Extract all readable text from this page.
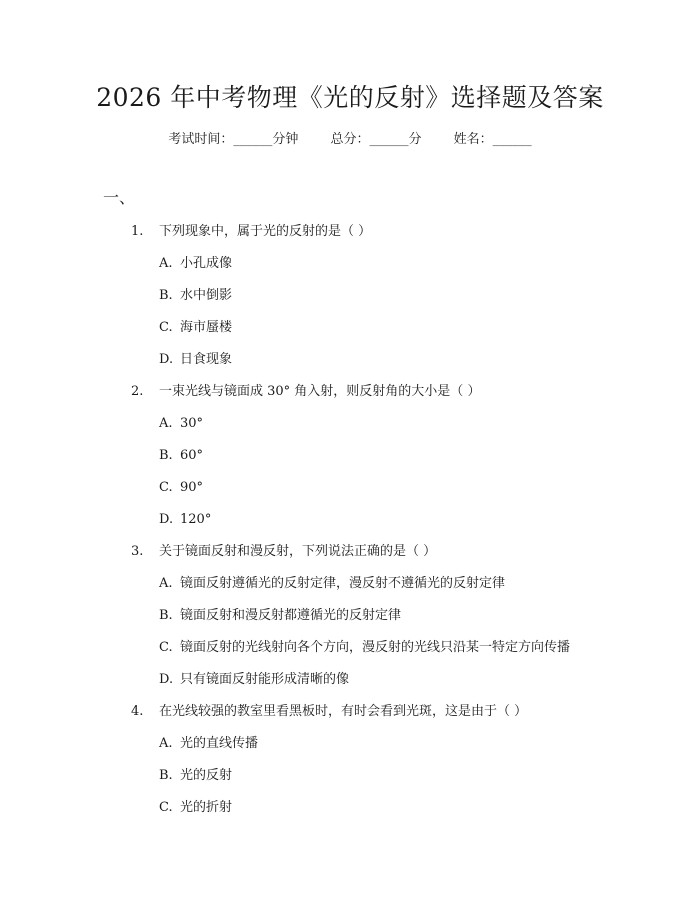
2026 年中考物理《光的反射》选择题及答案
考试时间：______分钟 总分：______分 姓名：______
一、
1. 下列现象中，属于光的反射的是（ ）
A. 小孔成像
B. 水中倒影
C. 海市蜃楼
D. 日食现象
2. 一束光线与镜面成 30° 角入射，则反射角的大小是（ ）
A. 30°
B. 60°
C. 90°
D. 120°
3. 关于镜面反射和漫反射，下列说法正确的是（ ）
A. 镜面反射遵循光的反射定律，漫反射不遵循光的反射定律
B. 镜面反射和漫反射都遵循光的反射定律
C. 镜面反射的光线射向各个方向，漫反射的光线只沿某一特定方向传播
D. 只有镜面反射能形成清晰的像
4. 在光线较强的教室里看黑板时，有时会看到光斑，这是由于（ ）
A. 光的直线传播
B. 光的反射
C. 光的折射
